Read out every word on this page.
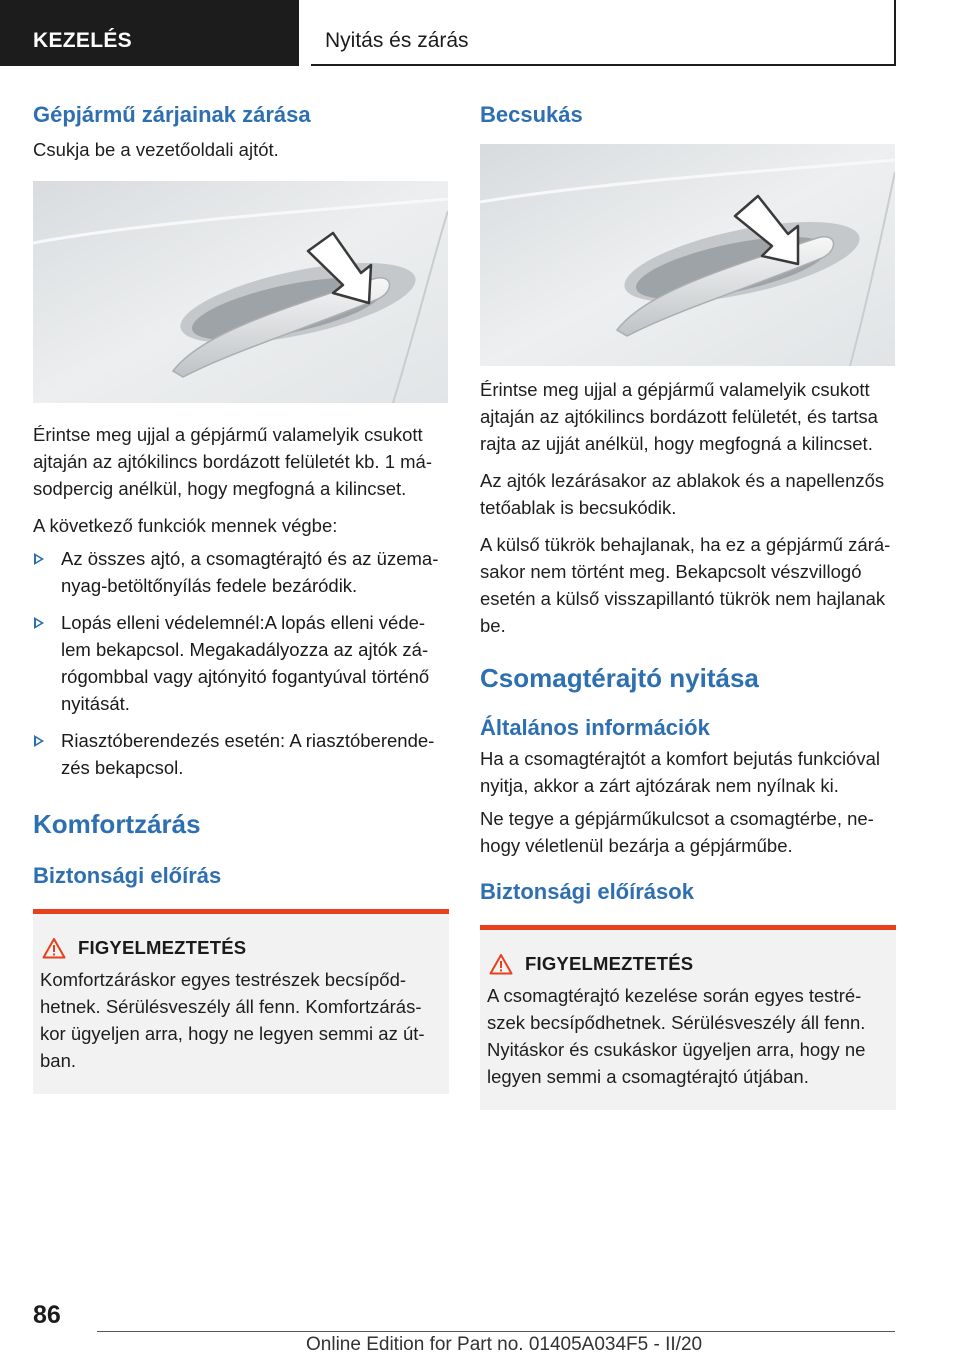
KEZELÉS	Nyitás és zárás
Gépjármű zárjainak zárása

Csukja be a vezetőoldali ajtót.

Érintse meg ujjal a gépjármű valamelyik csukott ajtaján az ajtókilincs bordázott felületét kb. 1 má-sodpercig anélkül, hogy megfogná a kilincset.

A következő funkciók mennek végbe:

Az összes ajtó, a csomagtérajtó és az üzema-nyag-betöltőnyílás fedele bezáródik.
Lopás elleni védelemnél:A lopás elleni véde-lem bekapcsol. Megakadályozza az ajtók zá-rógombbal vagy ajtónyitó fogantyúval történő nyitását.
Riasztóberendezés esetén: A riasztóberende-zés bekapcsol.
Komfortzárás
Biztonsági előírás
FIGYELMEZTETÉS

Komfortzáráskor egyes testrészek becsípőd-hetnek. Sérülésveszély áll fenn. Komfortzárás-kor ügyeljen arra, hogy ne legyen semmi az út-ban.

Becsukás

Érintse meg ujjal a gépjármű valamelyik csukott ajtaján az ajtókilincs bordázott felületét, és tartsa rajta az ujját anélkül, hogy megfogná a kilincset.

Az ajtók lezárásakor az ablakok és a napellenzős tetőablak is becsukódik.

A külső tükrök behajlanak, ha ez a gépjármű zárá-sakor nem történt meg. Bekapcsolt vészvillogó esetén a külső visszapillantó tükrök nem hajlanak be.

Csomagtérajtó nyitása
Általános információk

Ha a csomagtérajtót a komfort bejutás funkcióval nyitja, akkor a zárt ajtózárak nem nyílnak ki.

Ne tegye a gépjárműkulcsot a csomagtérbe, ne-hogy véletlenül bezárja a gépjárműbe.

Biztonsági előírások
FIGYELMEZTETÉS

A csomagtérajtó kezelése során egyes testré-szek becsípődhetnek. Sérülésveszély áll fenn. Nyitáskor és csukáskor ügyeljen arra, hogy ne legyen semmi a csomagtérajtó útjában.

86
Online Edition for Part no. 01405A034F5 - II/20
